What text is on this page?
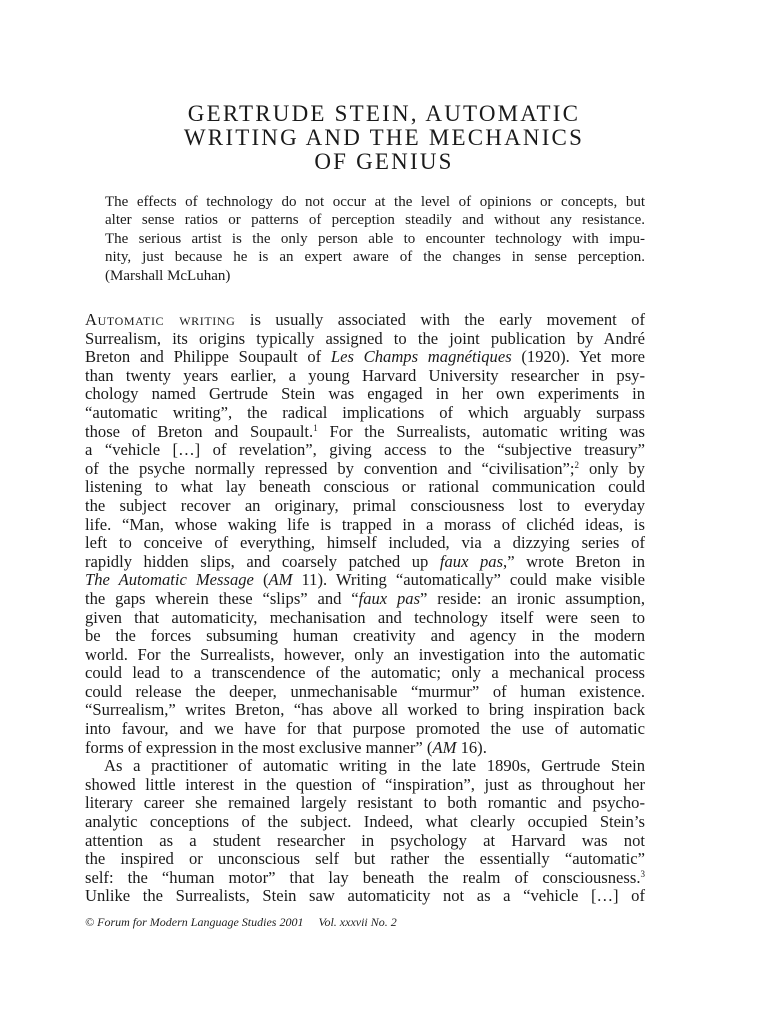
GERTRUDE STEIN, AUTOMATIC
WRITING AND THE MECHANICS
OF GENIUS
The effects of technology do not occur at the level of opinions or concepts, but
alter sense ratios or patterns of perception steadily and without any resistance.
The serious artist is the only person able to encounter technology with impu-
nity, just because he is an expert aware of the changes in sense perception.
(Marshall McLuhan)
Automatic writing is usually associated with the early movement of
Surrealism, its origins typically assigned to the joint publication by André
Breton and Philippe Soupault of Les Champs magnétiques (1920). Yet more
than twenty years earlier, a young Harvard University researcher in psy-
chology named Gertrude Stein was engaged in her own experiments in
“automatic writing”, the radical implications of which arguably surpass
those of Breton and Soupault.$^1$ For the Surrealists, automatic writing was
a “vehicle […] of revelation”, giving access to the “subjective treasury”
of the psyche normally repressed by convention and “civilisation”;$^2$ only by
listening to what lay beneath conscious or rational communication could
the subject recover an originary, primal consciousness lost to everyday
life. “Man, whose waking life is trapped in a morass of clichéd ideas, is
left to conceive of everything, himself included, via a dizzying series of
rapidly hidden slips, and coarsely patched up faux pas,” wrote Breton in
The Automatic Message (AM 11). Writing “automatically” could make visible
the gaps wherein these “slips” and “faux pas” reside: an ironic assumption,
given that automaticity, mechanisation and technology itself were seen to
be the forces subsuming human creativity and agency in the modern
world. For the Surrealists, however, only an investigation into the automatic
could lead to a transcendence of the automatic; only a mechanical process
could release the deeper, unmechanisable “murmur” of human existence.
“Surrealism,” writes Breton, “has above all worked to bring inspiration back
into favour, and we have for that purpose promoted the use of automatic
forms of expression in the most exclusive manner” (AM 16).
As a practitioner of automatic writing in the late 1890s, Gertrude Stein
showed little interest in the question of “inspiration”, just as throughout her
literary career she remained largely resistant to both romantic and psycho-
analytic conceptions of the subject. Indeed, what clearly occupied Stein’s
attention as a student researcher in psychology at Harvard was not
the inspired or unconscious self but rather the essentially “automatic”
self: the “human motor” that lay beneath the realm of consciousness.$^3$
Unlike the Surrealists, Stein saw automaticity not as a “vehicle […] of
© Forum for Modern Language Studies 2001 Vol. xxxvii No. 2
